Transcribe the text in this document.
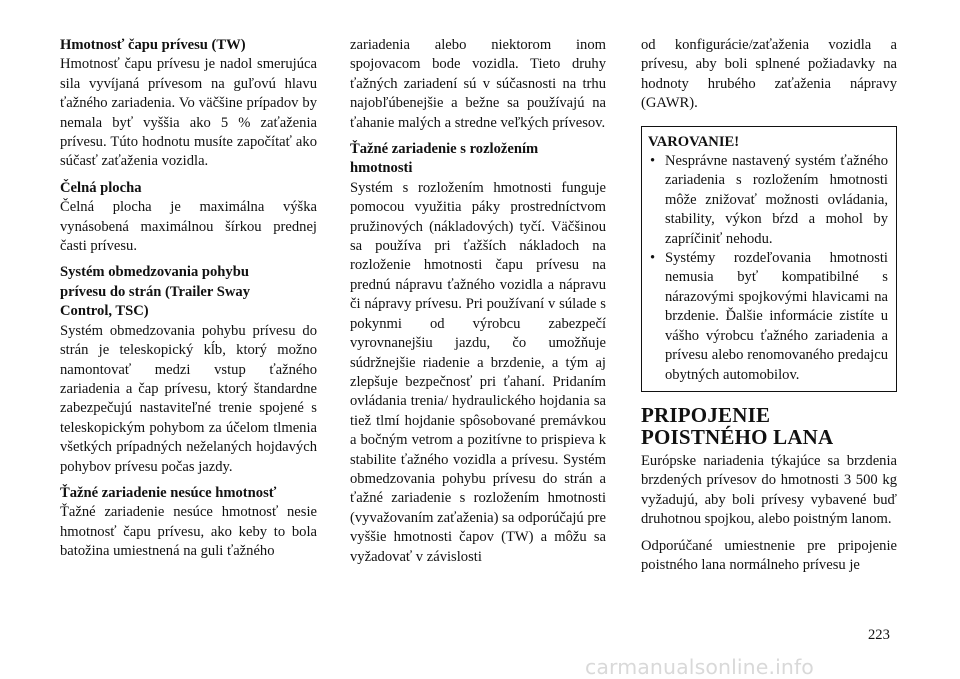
Hmotnosť čapu prívesu (TW)

Hmotnosť čapu prívesu je nadol smerujúca sila vyvíjaná prívesom na guľovú hlavu ťažného zariadenia. Vo väčšine prípadov by nemala byť vyššia ako 5 % zaťaženia prívesu. Túto hodnotu musíte započítať ako súčasť zaťaženia vozidla.

Čelná plocha

Čelná plocha je maximálna výška vynásobená maximálnou šírkou prednej časti prívesu.

Systém obmedzovania pohybu prívesu do strán (Trailer Sway Control, TSC)

Systém obmedzovania pohybu prívesu do strán je teleskopický kĺb, ktorý možno namontovať medzi vstup ťažného zariadenia a čap prívesu, ktorý štandardne zabezpečujú nastaviteľné trenie spojené s teleskopickým pohybom za účelom tlmenia všetkých prípadných neželaných hojdavých pohybov prívesu počas jazdy.

Ťažné zariadenie nesúce hmotnosť

Ťažné zariadenie nesúce hmotnosť nesie hmotnosť čapu prívesu, ako keby to bola batožina umiestnená na guli ťažného

zariadenia alebo niektorom inom spojovacom bode vozidla. Tieto druhy ťažných zariadení sú v súčasnosti na trhu najobľúbenejšie a bežne sa používajú na ťahanie malých a stredne veľkých prívesov.

Ťažné zariadenie s rozložením hmotnosti

Systém s rozložením hmotnosti funguje pomocou využitia páky prostredníctvom pružinových (nákladových) tyčí. Väčšinou sa používa pri ťažších nákladoch na rozloženie hmotnosti čapu prívesu na prednú nápravu ťažného vozidla a nápravu či nápravy prívesu. Pri používaní v súlade s pokynmi od výrobcu zabezpečí vyrovnanejšiu jazdu, čo umožňuje súdržnejšie riadenie a brzdenie, a tým aj zlepšuje bezpečnosť pri ťahaní. Pridaním ovládania trenia/ hydraulického hojdania sa tiež tlmí hojdanie spôsobované premávkou a bočným vetrom a pozitívne to prispieva k stabilite ťažného vozidla a prívesu. Systém obmedzovania pohybu prívesu do strán a ťažné zariadenie s rozložením hmotnosti (vyvažovaním zaťaženia) sa odporúčajú pre vyššie hmotnosti čapov (TW) a môžu sa vyžadovať v závislosti

od konfigurácie/zaťaženia vozidla a prívesu, aby boli splnené požiadavky na hodnoty hrubého zaťaženia nápravy (GAWR).

VAROVANIE!
• Nesprávne nastavený systém ťažného zariadenia s rozložením hmotnosti môže znižovať možnosti ovládania, stability, výkon bŕzd a mohol by zapríčiniť nehodu.
• Systémy rozdeľovania hmotnosti nemusia byť kompatibilné s nárazovými spojkovými hlavicami na brzdenie. Ďalšie informácie zistíte u vášho výrobcu ťažného zariadenia a prívesu alebo renomovaného predajcu obytných automobilov.
PRIPOJENIE POISTNÉHO LANA

Európske nariadenia týkajúce sa brzdenia brzdených prívesov do hmotnosti 3 500 kg vyžadujú, aby boli prívesy vybavené buď druhotnou spojkou, alebo poistným lanom.

Odporúčané umiestnenie pre pripojenie poistného lana normálneho prívesu je

223
carmanualsonline.info
